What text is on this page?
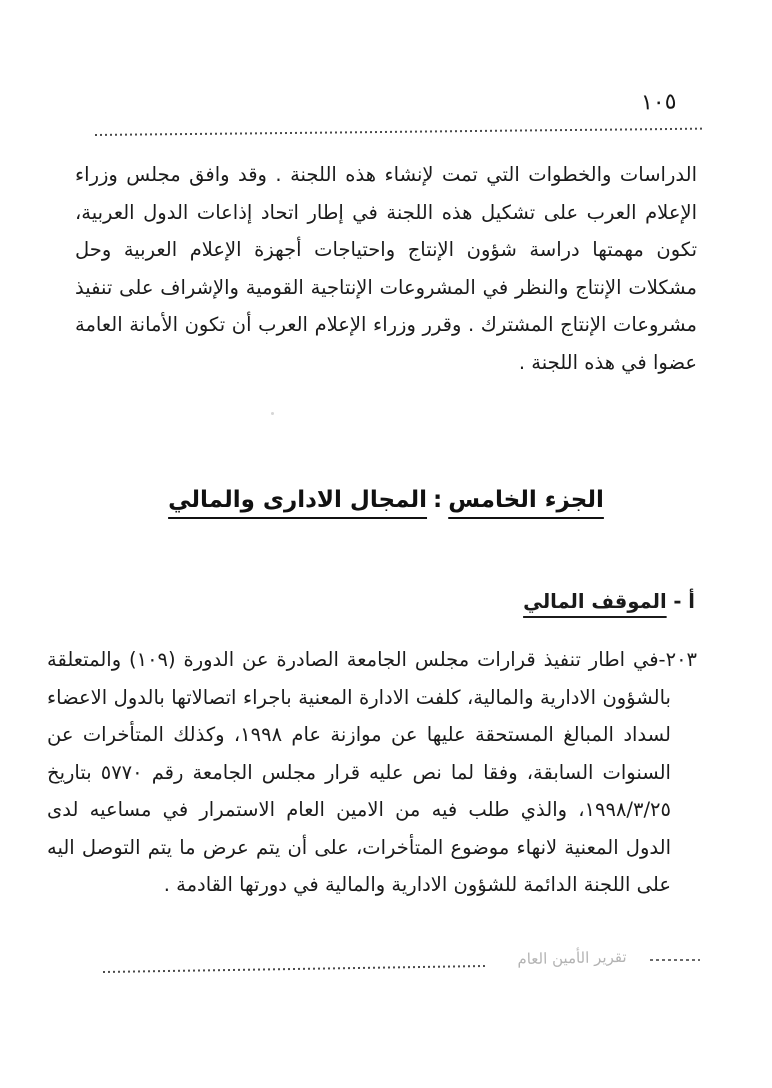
١٠٥

الدراسات والخطوات التي تمت لإنشاء هذه اللجنة . وقد وافق مجلس وزراء الإعلام العرب على تشكيل هذه اللجنة في إطار اتحاد إذاعات الدول العربية، تكون مهمتها دراسة شؤون الإنتاج واحتياجات أجهزة الإعلام العربية وحل مشكلات الإنتاج والنظر في المشروعات الإنتاجية القومية والإشراف على تنفيذ مشروعات الإنتاج المشترك . وقرر وزراء الإعلام العرب أن تكون الأمانة العامة عضوا في هذه اللجنة .

الجزء الخامس:المجال الادارى والمالي
أ - الموقف المالي

٢٠٣-في اطار تنفيذ قرارات مجلس الجامعة الصادرة عن الدورة (١٠٩) والمتعلقة بالشؤون الادارية والمالية، كلفت الادارة المعنية باجراء اتصالاتها بالدول الاعضاء لسداد المبالغ المستحقة عليها عن موازنة عام ١٩٩٨، وكذلك المتأخرات عن السنوات السابقة، وفقا لما نص عليه قرار مجلس الجامعة رقم ٥٧٧٠ بتاريخ ١٩٩٨/٣/٢٥، والذي طلب فيه من الامين العام الاستمرار في مساعيه لدى الدول المعنية لانهاء موضوع المتأخرات، على أن يتم عرض ما يتم التوصل اليه على اللجنة الدائمة للشؤون الادارية والمالية في دورتها القادمة .

تقرير الأمين العام
